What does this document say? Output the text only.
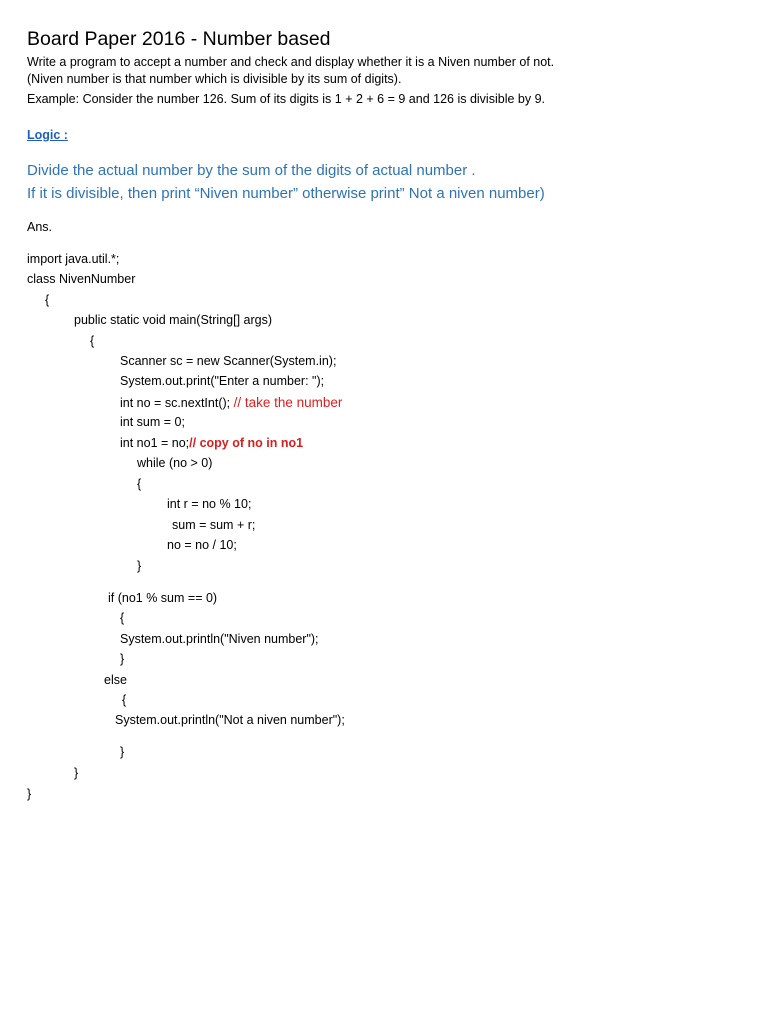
Board Paper 2016 - Number based
Write a program to accept a number and check and display whether it is a Niven number of not.
(Niven number is that number which is divisible by its sum of digits).
Example: Consider the number 126. Sum of its digits is 1 + 2 + 6 = 9 and 126 is divisible by 9.
Logic :
Divide the actual number by the sum of the digits of actual number .
If it is divisible, then print “Niven number” otherwise print” Not a niven number)
Ans.
import java.util.*;
class NivenNumber
{
public static void main(String[] args)
{
Scanner sc = new Scanner(System.in);
System.out.print("Enter a number: ");
int no = sc.nextInt(); // take the number
int sum = 0;
int no1 = no;// copy of no in no1
while (no > 0)
{
int r = no % 10;
sum = sum + r;
no = no / 10;
}
if (no1 % sum == 0)
{
System.out.println("Niven number");
}
else
{
System.out.println("Not a niven number");
}
}
}
